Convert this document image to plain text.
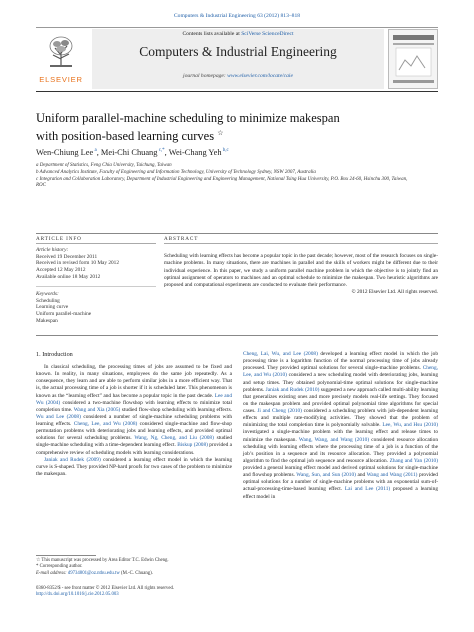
Computers & Industrial Engineering 63 (2012) 813–818
ELSEVIER
Contents lists available at SciVerse ScienceDirect
Computers & Industrial Engineering
journal homepage: www.elsevier.com/locate/caie
Uniform parallel-machine scheduling to minimize makespan
with position-based learning curves ☆
Wen-Chiung Lee $^a$, Mei-Chi Chuang $^{c,*}$, Wei-Chang Yeh $^{b,c}$
a Department of Statistics, Feng Chia University, Taichung, Taiwan
b Advanced Analytics Institute, Faculty of Engineering and Information Technology, University of Technology Sydney, NSW 2007, Australia
c Integration and Collaboration Laboratory, Department of Industrial Engineering and Engineering Management, National Tsing Hua University, P.O. Box 24-60, Hsinchu 300, Taiwan,
ROC
ARTICLE INFO	ABSTRACT
Article history:
Received 19 December 2011
Received in revised form 10 May 2012
Accepted 12 May 2012
Available online 18 May 2012
Keywords:
Scheduling
Learning curve
Uniform parallel-machine
Makespan
Scheduling with learning effects has become a popular topic in the past decade; however, most of the research focuses on single-machine problems. In many situations, there are machines in parallel and the skills of workers might be different due to their individual experience. In this paper, we study a uniform parallel machine problem in which the objective is to jointly find an optimal assignment of operators to machines and an optimal schedule to minimize the makespan. Two heuristic algorithms are proposed and computational experiments are conducted to evaluate their performance.
© 2012 Elsevier Ltd. All rights reserved.
1. Introduction

In classical scheduling, the processing times of jobs are assumed to be fixed and known. In reality, in many situations, employees do the same job repeatedly. As a consequence, they learn and are able to perform similar jobs in a more efficient way. That is, the actual processing time of a job is shorter if it is scheduled later. This phenomenon is known as the “learning effect” and has become a popular topic in the past decade. Lee and Wu (2004) considered a two-machine flowshop with learning effects to minimize total completion time. Wang and Xia (2005) studied flow-shop scheduling with learning effects. Wu and Lee (2008) considered a number of single-machine scheduling problems with learning effects. Cheng, Lee, and Wu (2008) considered single-machine and flow-shop permutation problems with deteriorating jobs and learning effects, and provided optimal solutions for several scheduling problems. Wang, Ng, Cheng, and Liu (2008) studied single-machine scheduling with a time-dependent learning effect. Biskup (2008) provided a comprehensive review of scheduling models with learning considerations.

Janiak and Rudek (2009) considered a learning effect model in which the learning curve is S-shaped. They provided NP-hard proofs for two cases of the problem to minimize the makespan.

☆ This manuscript was processed by Area Editor T.C. Edwin Cheng.
* Corresponding author.
E-mail address: d9734801@oz.nthu.edu.tw (M.-C. Chuang).
0360-8352/$ - see front matter © 2012 Elsevier Ltd. All rights reserved.
http://dx.doi.org/10.1016/j.cie.2012.05.003

Cheng, Lai, Wu, and Lee (2008) developed a learning effect model in which the job processing time is a logarithm function of the normal processing time of jobs already processed. They provided optimal solutions for several single-machine problems. Cheng, Lee, and Wu (2010) considered a new scheduling model with deteriorating jobs, learning and setup times. They obtained polynomial-time optimal solutions for single-machine problems. Janiak and Rudek (2010) suggested a new approach called multi-ability learning that generalizes existing ones and more precisely models real-life settings. They focused on the makespan problem and provided optimal polynomial time algorithms for special cases. Ji and Cheng (2010) considered a scheduling problem with job-dependent learning effects and multiple rate-modifying activities. They showed that the problem of minimizing the total completion time is polynomially solvable. Lee, Wu, and Hsu (2010) investigated a single-machine problem with the learning effect and release times to minimize the makespan. Wang, Wang, and Wang (2010) considered resource allocation scheduling with learning effects where the processing time of a job is a function of the job’s position in a sequence and its resource allocation. They provided a polynomial algorithm to find the optimal job sequence and resource allocation. Zhang and Yan (2010) provided a general learning effect model and derived optimal solutions for single-machine and flowshop problems. Wang, Sun, and Sun (2010) and Wang and Wang (2011) provided optimal solutions for a number of single-machine problems with an exponential sum-of-actual-processing-time-based learning effect. Lai and Lee (2011) proposed a learning effect model in
